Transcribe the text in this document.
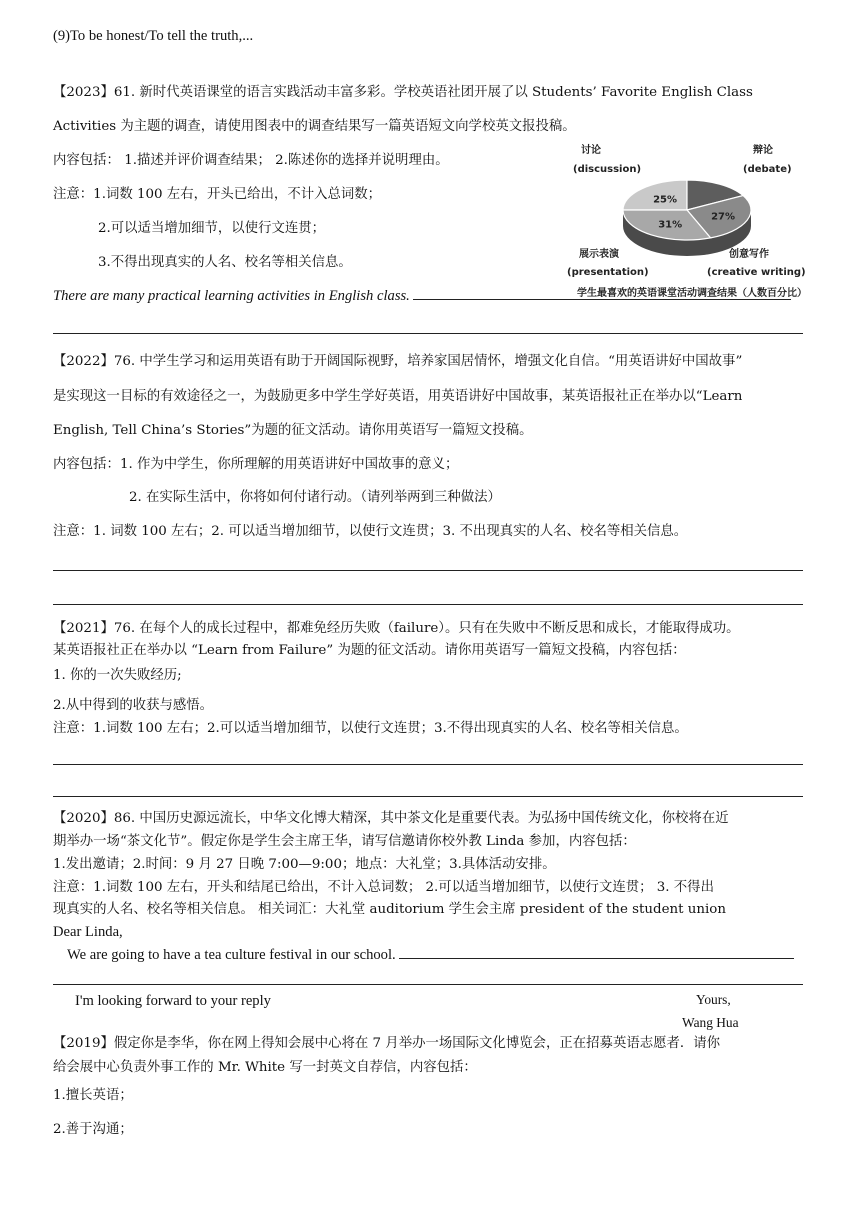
(9)To be honest/To tell the truth,...
【2023】61. 新时代英语课堂的语言实践活动丰富多彩。学校英语社团开展了以 Students’ Favorite English Class
Activities 为主题的调查，请使用图表中的调查结果写一篇英语短文向学校英文报投稿。
内容包括： 1.描述并评价调查结果； 2.陈述你的选择并说明理由。
注意：1.词数 100 左右，开头已给出，不计入总词数；
2.可以适当增加细节，以使行文连贯；
3.不得出现真实的人名、校名等相关信息。
There are many practical learning activities in English class.
25%
27%
31%
讨论
(discussion)
辩论
(debate)
创意写作
(creative writing)
展示表演
(presentation)
学生最喜欢的英语课堂活动调查结果（人数百分比）
【2022】76. 中学生学习和运用英语有助于开阔国际视野，培养家国居情怀，增强文化自信。“用英语讲好中国故事”
是实现这一目标的有效途径之一，为鼓励更多中学生学好英语，用英语讲好中国故事，某英语报社正在举办以“Learn
English, Tell China’s Stories”为题的征文活动。请你用英语写一篇短文投稿。
内容包括：1. 作为中学生，你所理解的用英语讲好中国故事的意义；
2. 在实际生活中，你将如何付诸行动。（请列举两到三种做法）
注意：1. 词数 100 左右；2. 可以适当增加细节，以使行文连贯；3. 不出现真实的人名、校名等相关信息。
【2021】76. 在每个人的成长过程中，都难免经历失败（failure）。只有在失败中不断反思和成长，才能取得成功。
某英语报社正在举办以 “Learn from Failure” 为题的征文活动。请你用英语写一篇短文投稿，内容包括：
1. 你的一次失败经历;
2.从中得到的收获与感悟。
注意：1.词数 100 左右；2.可以适当增加细节，以使行文连贯；3.不得出现真实的人名、校名等相关信息。
【2020】86. 中国历史源远流长，中华文化博大精深，其中茶文化是重要代表。为弘扬中国传统文化，你校将在近
期举办一场“茶文化节”。假定你是学生会主席王华，请写信邀请你校外教 Linda 参加，内容包括：
1.发出邀请；2.时间：9 月 27 日晚 7:00—9:00；地点：大礼堂；3.具体活动安排。
注意：1.词数 100 左右，开头和结尾已给出，不计入总词数； 2.可以适当增加细节，以使行文连贯； 3. 不得出
现真实的人名、校名等相关信息。 相关词汇：大礼堂 auditorium 学生会主席 president of the student union
Dear Linda,
We are going to have a tea culture festival in our school.
I'm looking forward to your reply	Yours,
Wang Hua
【2019】假定你是李华，你在网上得知会展中心将在 7 月举办一场国际文化博览会，正在招募英语志愿者．请你
给会展中心负责外事工作的 Mr. White 写一封英文自荐信，内容包括：
1.擅长英语；
2.善于沟通；
